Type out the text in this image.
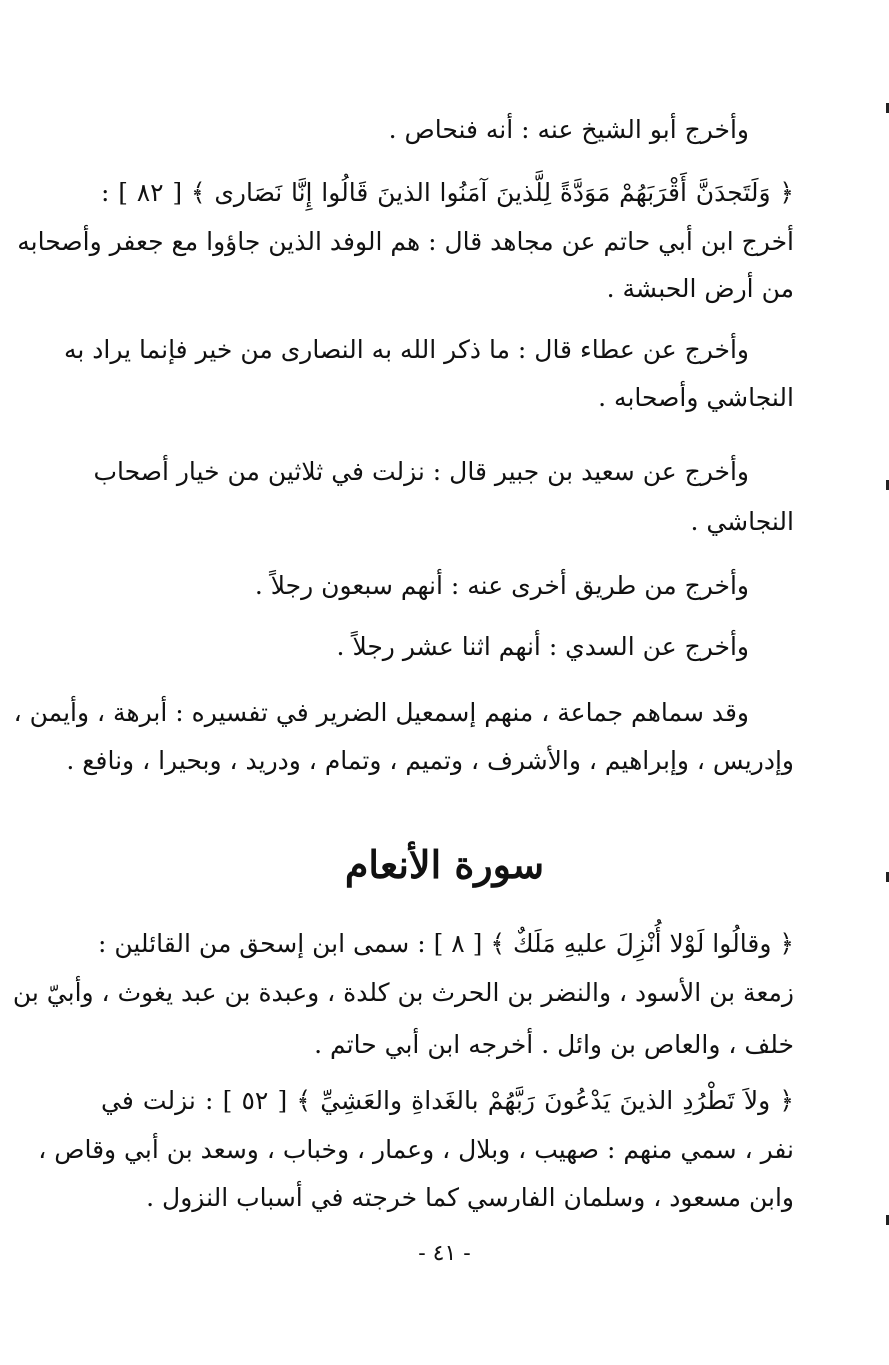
وأخرج أبو الشيخ عنه : أنه فنحاص .
﴿ وَلَتَجدَنَّ أَقْرَبَهُمْ مَوَدَّةً لِلَّذينَ آمَنُوا الذينَ قَالُوا إِنَّا نَصَارى ﴾ [ ٨٢ ] :
أخرج ابن أبي حاتم عن مجاهد قال : هم الوفد الذين جاؤوا مع جعفر وأصحابه
من أرض الحبشة .
وأخرج عن عطاء قال : ما ذكر الله به النصارى من خير فإنما يراد به
النجاشي وأصحابه .
وأخرج عن سعيد بن جبير قال : نزلت في ثلاثين من خيار أصحاب
النجاشي .
وأخرج من طريق أخرى عنه : أنهم سبعون رجلاً .
وأخرج عن السدي : أنهم اثنا عشر رجلاً .
وقد سماهم جماعة ، منهم إسمعيل الضرير في تفسيره : أبرهة ، وأيمن ،
وإدريس ، وإبراهيم ، والأشرف ، وتميم ، وتمام ، ودريد ، وبحيرا ، ونافع .
سورة الأنعام
﴿ وقالُوا لَوْلا أُنْزِلَ عليهِ مَلَكٌ ﴾ [ ٨ ] : سمى ابن إسحق من القائلين :
زمعة بن الأسود ، والنضر بن الحرث بن كلدة ، وعبدة بن عبد يغوث ، وأبيّ بن
خلف ، والعاص بن وائل . أخرجه ابن أبي حاتم .
﴿ ولاَ تَطْرُدِ الذينَ يَدْعُونَ رَبَّهُمْ بالغَداةِ والعَشِيِّ ﴾ [ ٥٢ ] : نزلت في
نفر ، سمي منهم : صهيب ، وبلال ، وعمار ، وخباب ، وسعد بن أبي وقاص ،
وابن مسعود ، وسلمان الفارسي كما خرجته في أسباب النزول .
- ٤١ -
